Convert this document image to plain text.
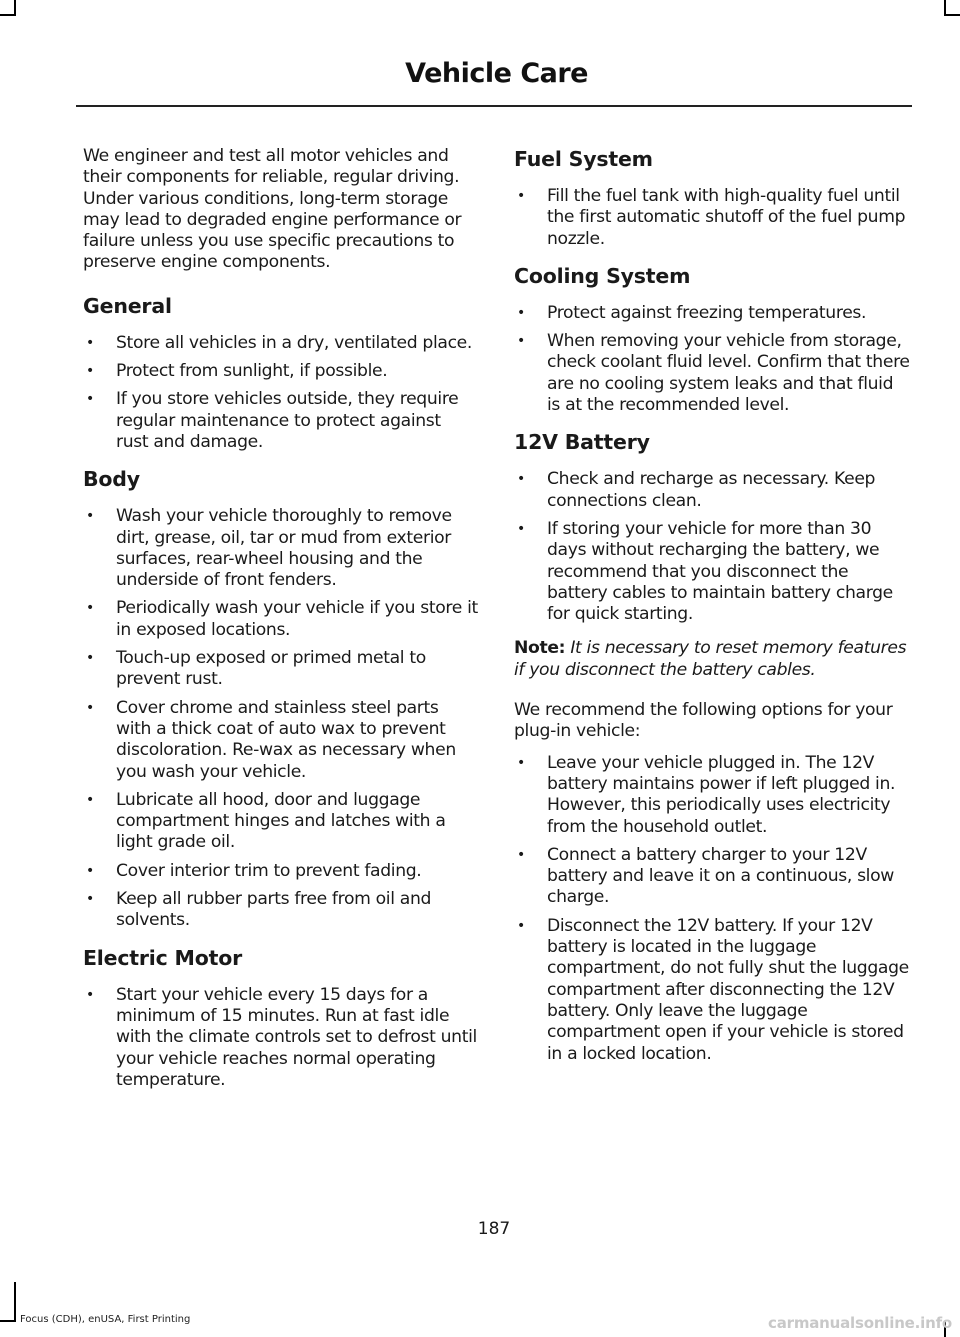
Vehicle Care

We engineer and test all motor vehicles and their components for reliable, regular driving. Under various conditions, long-term storage may lead to degraded engine performance or failure unless you use specific precautions to preserve engine components.

General
• Store all vehicles in a dry, ventilated place.
• Protect from sunlight, if possible.
• If you store vehicles outside, they require regular maintenance to protect against rust and damage.
Body
• Wash your vehicle thoroughly to remove dirt, grease, oil, tar or mud from exterior surfaces, rear-wheel housing and the underside of front fenders.
• Periodically wash your vehicle if you store it in exposed locations.
• Touch-up exposed or primed metal to prevent rust.
• Cover chrome and stainless steel parts with a thick coat of auto wax to prevent discoloration. Re-wax as necessary when you wash your vehicle.
• Lubricate all hood, door and luggage compartment hinges and latches with a light grade oil.
• Cover interior trim to prevent fading.
• Keep all rubber parts free from oil and solvents.
Electric Motor
• Start your vehicle every 15 days for a minimum of 15 minutes. Run at fast idle with the climate controls set to defrost until your vehicle reaches normal operating temperature.
Fuel System
• Fill the fuel tank with high-quality fuel until the first automatic shutoff of the fuel pump nozzle.
Cooling System
• Protect against freezing temperatures.
• When removing your vehicle from storage, check coolant fluid level. Confirm that there are no cooling system leaks and that fluid is at the recommended level.
12V Battery
• Check and recharge as necessary. Keep connections clean.
• If storing your vehicle for more than 30 days without recharging the battery, we recommend that you disconnect the battery cables to maintain battery charge for quick starting.

Note: It is necessary to reset memory features if you disconnect the battery cables.

We recommend the following options for your plug-in vehicle:

• Leave your vehicle plugged in. The 12V battery maintains power if left plugged in. However, this periodically uses electricity from the household outlet.
• Connect a battery charger to your 12V battery and leave it on a continuous, slow charge.
• Disconnect the 12V battery. If your 12V battery is located in the luggage compartment, do not fully shut the luggage compartment after disconnecting the 12V battery. Only leave the luggage compartment open if your vehicle is stored in a locked location.
187
Focus (CDH), enUSA, First Printing	carmanualsonline.info
